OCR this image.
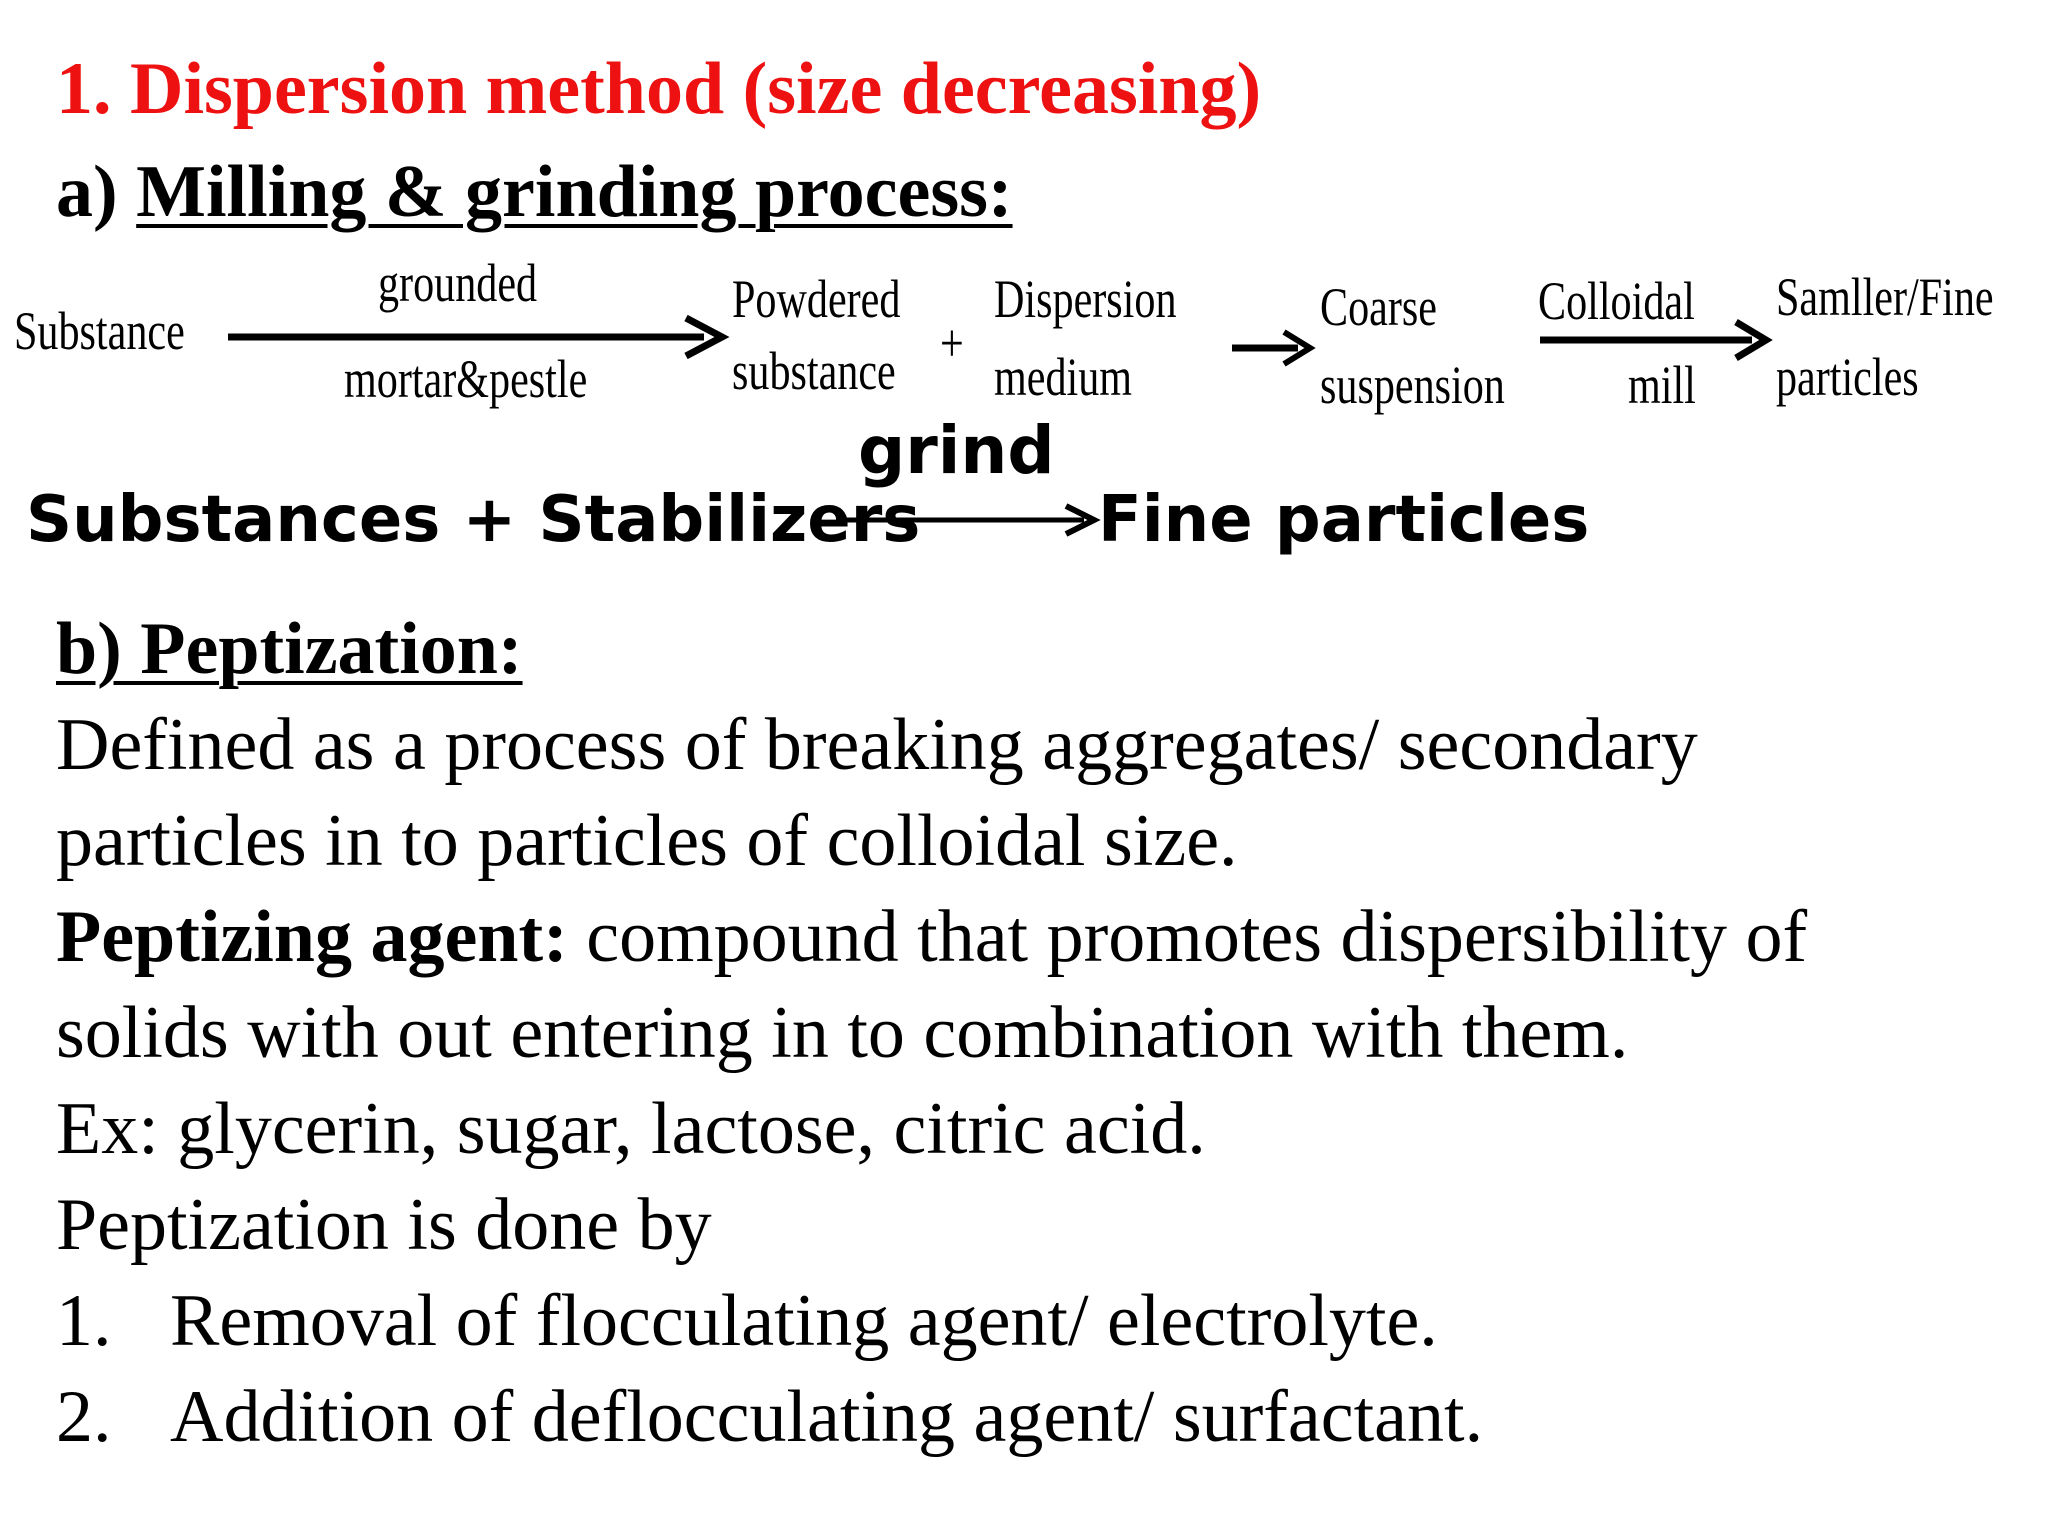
1. Dispersion method (size decreasing)
a) Milling & grinding process:
Substance
grounded
mortar&pestle
Powdered
substance +
Dispersion
medium
Coarse
suspension
Colloidal
mill
Samller/Fine
particles
Substances + Stabilizers
grind
Fine particles
b) Peptization:
Defined as a process of breaking aggregates/ secondary
particles in to particles of colloidal size.
Peptizing agent: compound that promotes dispersibility of
solids with out entering in to combination with them.
Ex: glycerin, sugar, lactose, citric acid.
Peptization is done by
1. Removal of flocculating agent/ electrolyte.
2. Addition of deflocculating agent/ surfactant.
